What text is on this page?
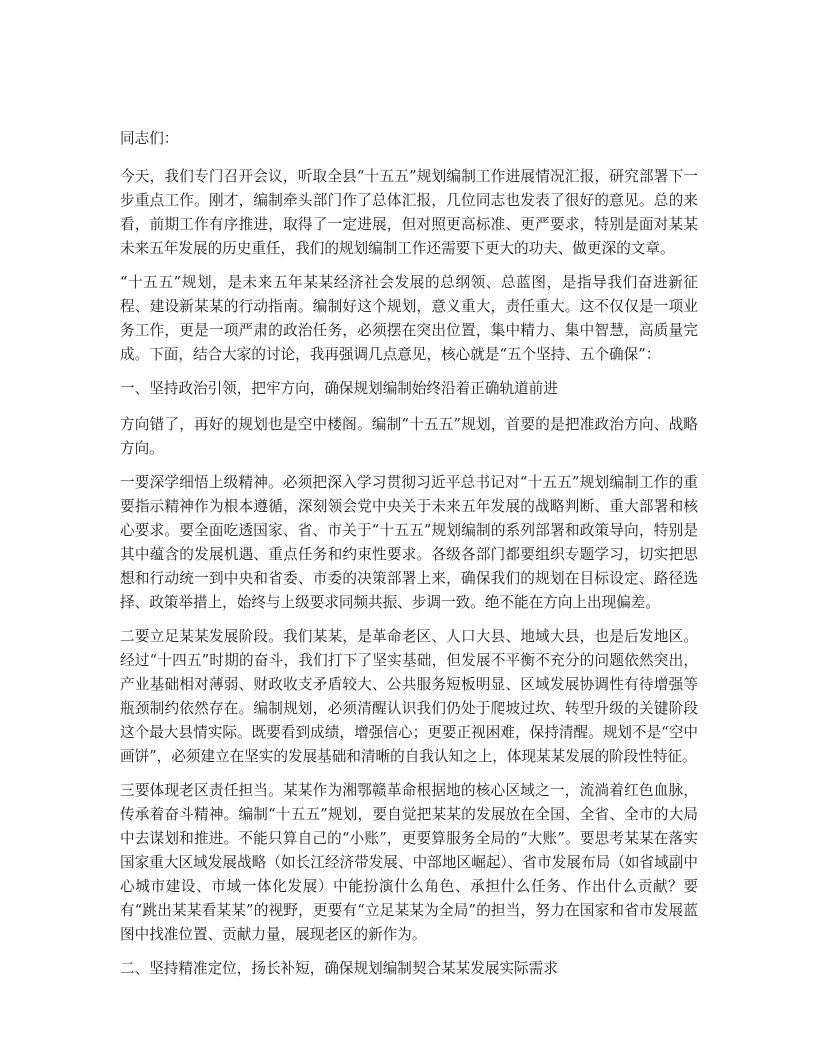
同志们：

今天，我们专门召开会议，听取全县“十五五”规划编制工作进展情况汇报，研究部署下一步重点工作。刚才，编制牵头部门作了总体汇报，几位同志也发表了很好的意见。总的来看，前期工作有序推进，取得了一定进展，但对照更高标准、更严要求，特别是面对某某未来五年发展的历史重任，我们的规划编制工作还需要下更大的功夫、做更深的文章。

“十五五”规划，是未来五年某某经济社会发展的总纲领、总蓝图，是指导我们奋进新征程、建设新某某的行动指南。编制好这个规划，意义重大，责任重大。这不仅仅是一项业务工作，更是一项严肃的政治任务，必须摆在突出位置，集中精力、集中智慧，高质量完成。下面，结合大家的讨论，我再强调几点意见，核心就是“五个坚持、五个确保”：

一、坚持政治引领，把牢方向，确保规划编制始终沿着正确轨道前进

方向错了，再好的规划也是空中楼阁。编制“十五五”规划，首要的是把准政治方向、战略方向。

一要深学细悟上级精神。必须把深入学习贯彻习近平总书记对“十五五”规划编制工作的重要指示精神作为根本遵循，深刻领会党中央关于未来五年发展的战略判断、重大部署和核心要求。要全面吃透国家、省、市关于“十五五”规划编制的系列部署和政策导向，特别是其中蕴含的发展机遇、重点任务和约束性要求。各级各部门都要组织专题学习，切实把思想和行动统一到中央和省委、市委的决策部署上来，确保我们的规划在目标设定、路径选择、政策举措上，始终与上级要求同频共振、步调一致。绝不能在方向上出现偏差。

二要立足某某发展阶段。我们某某，是革命老区、人口大县、地域大县，也是后发地区。经过“十四五”时期的奋斗，我们打下了坚实基础，但发展不平衡不充分的问题依然突出，产业基础相对薄弱、财政收支矛盾较大、公共服务短板明显、区域发展协调性有待增强等瓶颈制约依然存在。编制规划，必须清醒认识我们仍处于爬坡过坎、转型升级的关键阶段这个最大县情实际。既要看到成绩，增强信心；更要正视困难，保持清醒。规划不是“空中画饼”，必须建立在坚实的发展基础和清晰的自我认知之上，体现某某发展的阶段性特征。

三要体现老区责任担当。某某作为湘鄂赣革命根据地的核心区域之一，流淌着红色血脉，传承着奋斗精神。编制“十五五”规划，要自觉把某某的发展放在全国、全省、全市的大局中去谋划和推进。不能只算自己的“小账”，更要算服务全局的“大账”。要思考某某在落实国家重大区域发展战略（如长江经济带发展、中部地区崛起）、省市发展布局（如省域副中心城市建设、市域一体化发展）中能扮演什么角色、承担什么任务、作出什么贡献？要有“跳出某某看某某”的视野，更要有“立足某某为全局”的担当，努力在国家和省市发展蓝图中找准位置、贡献力量，展现老区的新作为。

二、坚持精准定位，扬长补短，确保规划编制契合某某发展实际需求
